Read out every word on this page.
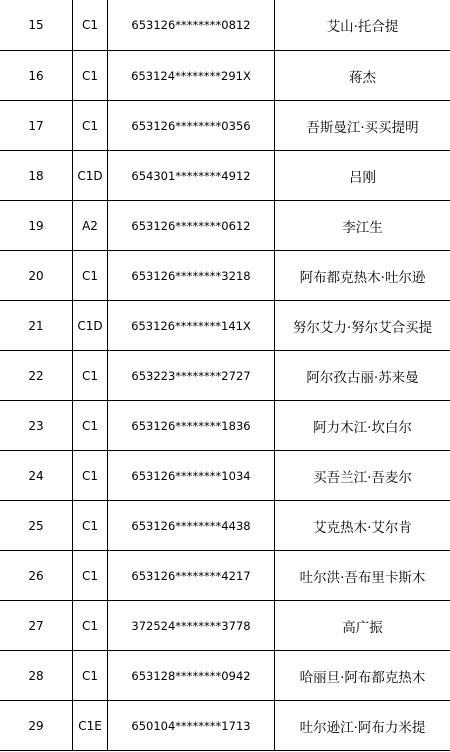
15	C1	653126********0812	艾山·托合提
16	C1	653124********291X	蒋杰
17	C1	653126********0356	吾斯曼江·买买提明
18	C1D	654301********4912	吕刚
19	A2	653126********0612	李江生
20	C1	653126********3218	阿布都克热木·吐尔逊
21	C1D	653126********141X	努尔艾力·努尔艾合买提
22	C1	653223********2727	阿尔孜古丽·苏来曼
23	C1	653126********1836	阿力木江·坎白尔
24	C1	653126********1034	买吾兰江·吾麦尔
25	C1	653126********4438	艾克热木·艾尔肯
26	C1	653126********4217	吐尔洪·吾布里卡斯木
27	C1	372524********3778	高广振
28	C1	653128********0942	哈丽旦·阿布都克热木
29	C1E	650104********1713	吐尔逊江·阿布力米提
